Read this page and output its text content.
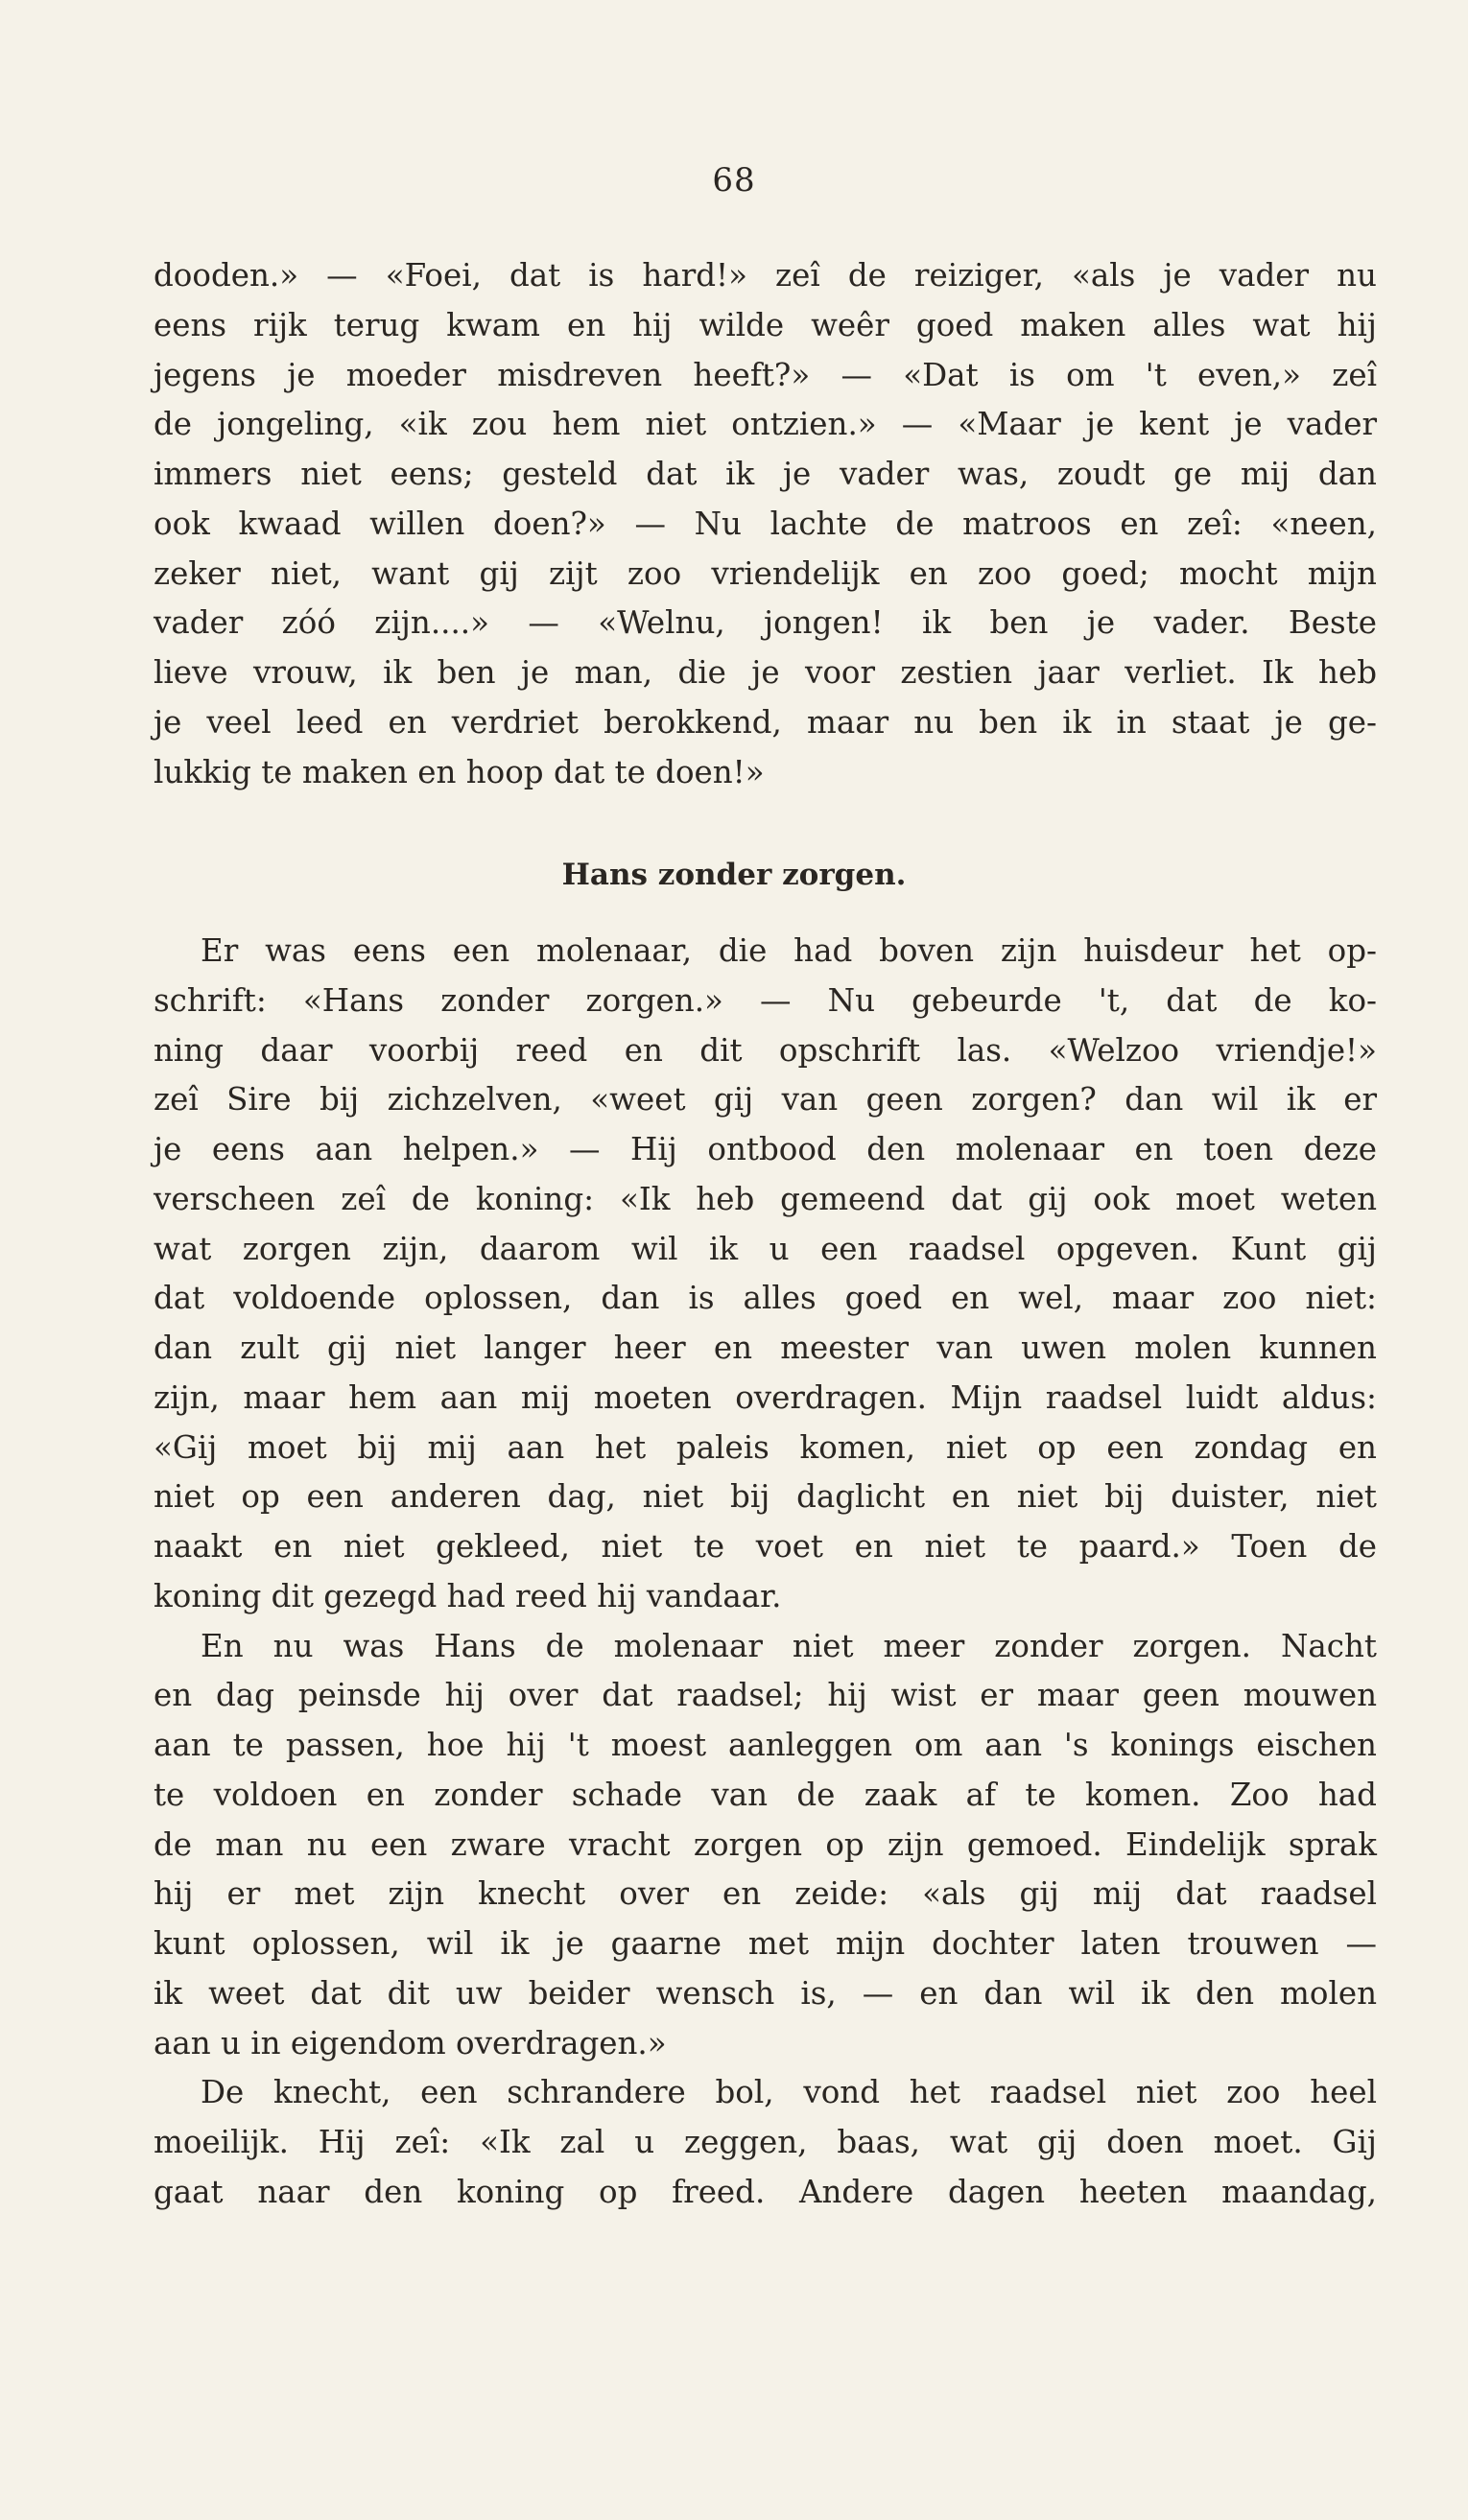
68
dooden.» — «Foei, dat is hard!» zeî de reiziger, «als je vader nu
eens rijk terug kwam en hij wilde weêr goed maken alles wat hij
jegens je moeder misdreven heeft?» — «Dat is om 't even,» zeî
de jongeling, «ik zou hem niet ontzien.» — «Maar je kent je vader
immers niet eens; gesteld dat ik je vader was, zoudt ge mij dan
ook kwaad willen doen?» — Nu lachte de matroos en zeî: «neen,
zeker niet, want gij zijt zoo vriendelijk en zoo goed; mocht mijn
vader zóó zijn....» — «Welnu, jongen! ik ben je vader. Beste
lieve vrouw, ik ben je man, die je voor zestien jaar verliet. Ik heb
je veel leed en verdriet berokkend, maar nu ben ik in staat je ge-
lukkig te maken en hoop dat te doen!»
Hans zonder zorgen.
Er was eens een molenaar, die had boven zijn huisdeur het op-
schrift: «Hans zonder zorgen.» — Nu gebeurde 't, dat de ko-
ning daar voorbij reed en dit opschrift las. «Welzoo vriendje!»
zeî Sire bij zichzelven, «weet gij van geen zorgen? dan wil ik er
je eens aan helpen.» — Hij ontbood den molenaar en toen deze
verscheen zeî de koning: «Ik heb gemeend dat gij ook moet weten
wat zorgen zijn, daarom wil ik u een raadsel opgeven. Kunt gij
dat voldoende oplossen, dan is alles goed en wel, maar zoo niet:
dan zult gij niet langer heer en meester van uwen molen kunnen
zijn, maar hem aan mij moeten overdragen. Mijn raadsel luidt aldus:
«Gij moet bij mij aan het paleis komen, niet op een zondag en
niet op een anderen dag, niet bij daglicht en niet bij duister, niet
naakt en niet gekleed, niet te voet en niet te paard.» Toen de
koning dit gezegd had reed hij vandaar.
En nu was Hans de molenaar niet meer zonder zorgen. Nacht
en dag peinsde hij over dat raadsel; hij wist er maar geen mouwen
aan te passen, hoe hij 't moest aanleggen om aan 's konings eischen
te voldoen en zonder schade van de zaak af te komen. Zoo had
de man nu een zware vracht zorgen op zijn gemoed. Eindelijk sprak
hij er met zijn knecht over en zeide: «als gij mij dat raadsel
kunt oplossen, wil ik je gaarne met mijn dochter laten trouwen —
ik weet dat dit uw beider wensch is, — en dan wil ik den molen
aan u in eigendom overdragen.»
De knecht, een schrandere bol, vond het raadsel niet zoo heel
moeilijk. Hij zeî: «Ik zal u zeggen, baas, wat gij doen moet. Gij
gaat naar den koning op freed. Andere dagen heeten maandag,
